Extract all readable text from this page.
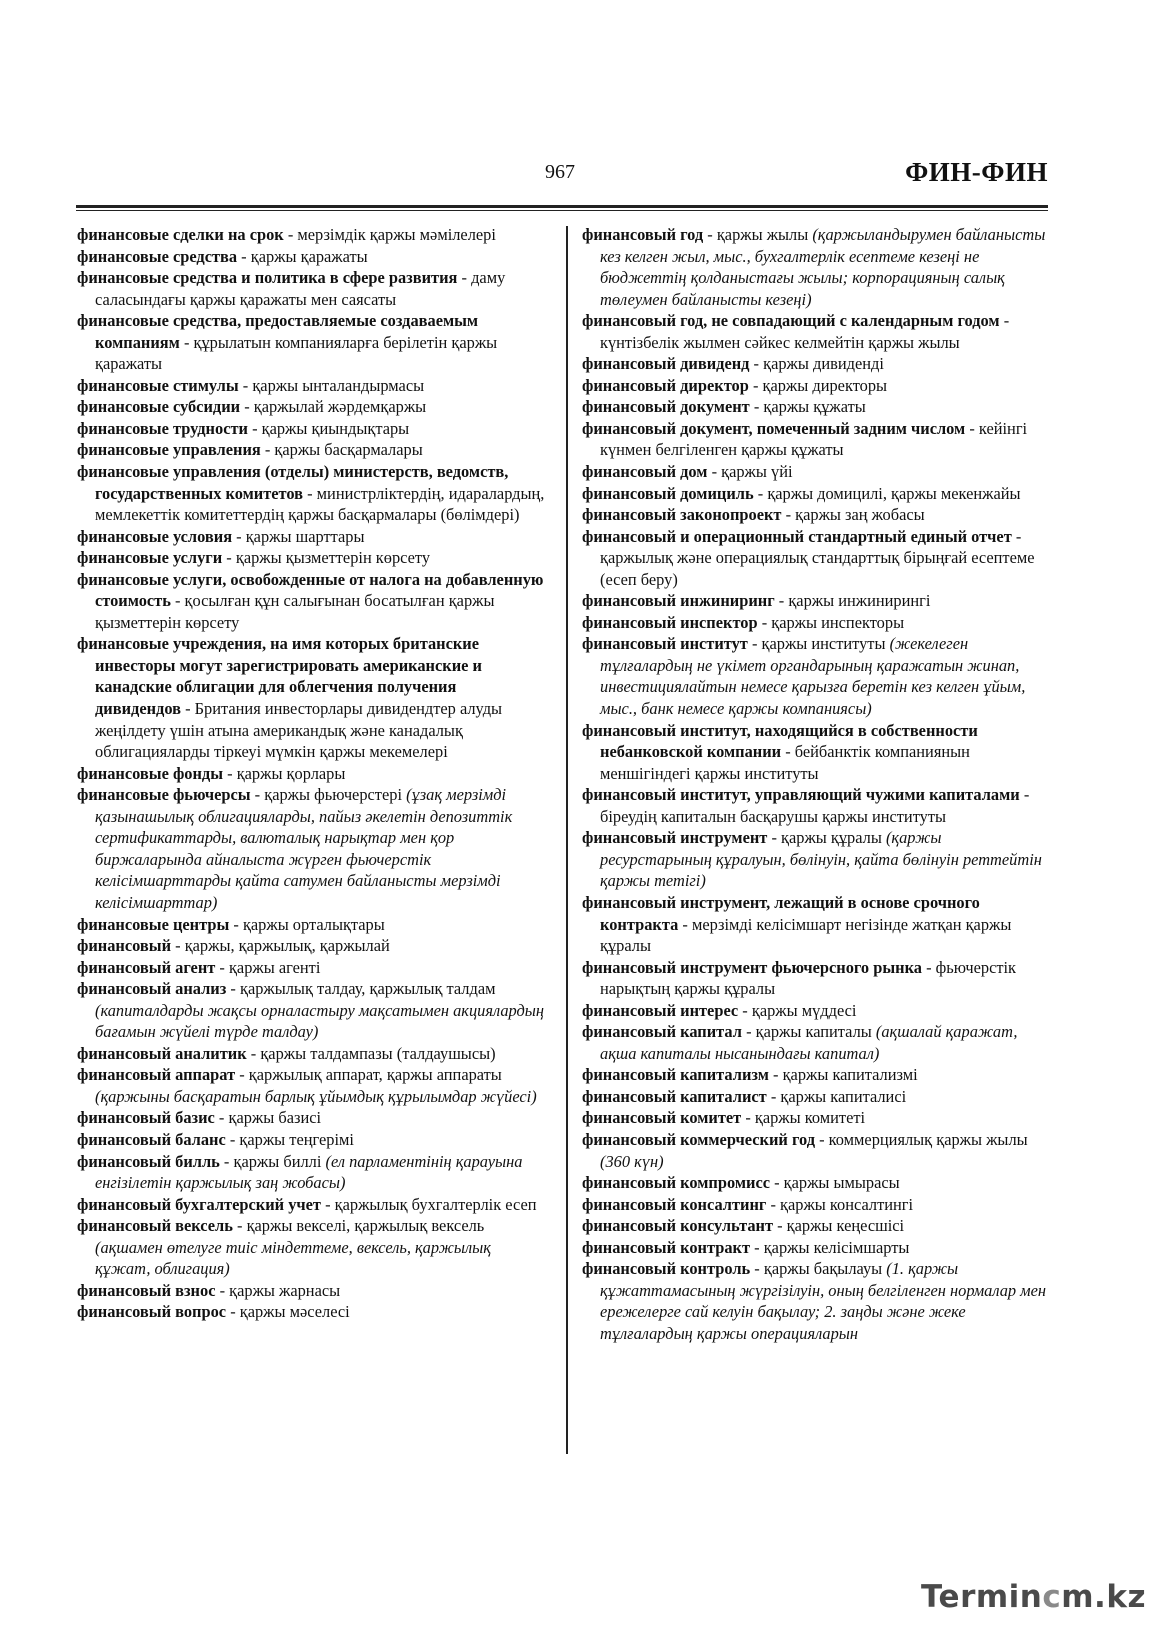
967	ФИН-ФИН

финансовые сделки на срок - мерзімдік қаржы мәмілелері

финансовые средства - қаржы қаражаты

финансовые средства и политика в сфере развития - даму саласындағы қаржы қаражаты мен саясаты

финансовые средства, предоставляемые создаваемым компаниям - құрылатын компанияларға берілетін қаржы қаражаты

финансовые стимулы - қаржы ынталандырмасы

финансовые субсидии - қаржылай жәрдемқаржы

финансовые трудности - қаржы қиындықтары

финансовые управления - қаржы басқармалары

финансовые управления (отделы) министерств, ведомств, государственных комитетов - министрліктердің, идаралардың, мемлекеттік комитеттердің қаржы басқармалары (бөлімдері)

финансовые условия - қаржы шарттары

финансовые услуги - қаржы қызметтерін көрсету

финансовые услуги, освобожденные от налога на добавленную стоимость - қосылған құн салығынан босатылған қаржы қызметтерін көрсету

финансовые учреждения, на имя которых британские инвесторы могут зарегистрировать американские и канадские облигации для облегчения получения дивидендов - Британия инвесторлары дивидендтер алуды жеңілдету үшін атына американдық және канадалық облигацияларды тіркеуі мүмкін қаржы мекемелері

финансовые фонды - қаржы қорлары

финансовые фьючерсы - қаржы фьючерстері (ұзақ мерзімді қазынашылық облигацияларды, пайыз әкелетін депозиттік сертификаттарды, валюталық нарықтар мен қор биржаларында айналыста жүрген фьючерстік келісімшарттарды қайта сатумен байланысты мерзімді келісімшарттар)

финансовые центры - қаржы орталықтары

финансовый - қаржы, қаржылық, қаржылай

финансовый агент - қаржы агенті

финансовый анализ - қаржылық талдау, қаржылық талдам (капиталдарды жақсы орналастыру мақсатымен акциялардың бағамын жүйелі түрде талдау)

финансовый аналитик - қаржы талдампазы (талдаушысы)

финансовый аппарат - қаржылық аппарат, қаржы аппараты (қаржыны басқаратын барлық ұйымдық құрылымдар жүйесі)

финансовый базис - қаржы базисі

финансовый баланс - қаржы теңгерімі

финансовый билль - қаржы биллі (ел парламентінің қарауына енгізілетін қаржылық заң жобасы)

финансовый бухгалтерский учет - қаржылық бухгалтерлік есеп

финансовый вексель - қаржы вексeлі, қаржылық вексель (ақшамен өтелуге тиіс міндеттеме, вексель, қаржылық құжат, облигация)

финансовый взнос - қаржы жарнасы

финансовый вопрос - қаржы мәселесі

финансовый год - қаржы жылы (қаржыландырумен байланысты кез келген жыл, мыс., бухгалтерлік есептеме кезеңі не бюджеттің қолданыстағы жылы; корпорацияның салық төлеумен байланысты кезеңі)

финансовый год, не совпадающий с календарным годом - күнтізбелік жылмен сәйкес келмейтін қаржы жылы

финансовый дивиденд - қаржы дивиденді

финансовый директор - қаржы директоры

финансовый документ - қаржы құжаты

финансовый документ, помеченный задним числом - кейінгі күнмен белгіленген қаржы құжаты

финансовый дом - қаржы үйі

финансовый домициль - қаржы домицилі, қаржы мекенжайы

финансовый законопроект - қаржы заң жобасы

финансовый и операционный стандартный единый отчет - қаржылық және операциялық стандарттық бірыңғай есептеме (есеп беру)

финансовый инжиниринг - қаржы инжинирингі

финансовый инспектор - қаржы инспекторы

финансовый институт - қаржы институты (жекелеген тұлғалардың не үкімет органдарының қаражатын жинап, инвестициялайтын немесе қарызға беретін кез келген ұйым, мыс., банк немесе қаржы компаниясы)

финансовый институт, находящийся в собственности небанковской компании - бейбанктік компаниянын меншігіндегі қаржы институты

финансовый институт, управляющий чужими капиталами - біреудің капиталын басқарушы қаржы институты

финансовый инструмент - қаржы құралы (қаржы ресурстарының құралуын, бөлінуін, қайта бөлінуін реттейтін қаржы тетігі)

финансовый инструмент, лежащий в основе срочного контракта - мерзімді келісімшарт негізінде жатқан қаржы құралы

финансовый инструмент фьючерсного рынка - фьючерстік нарықтың қаржы құралы

финансовый интерес - қаржы мүддесі

финансовый капитал - қаржы капиталы (ақшалай қаражат, ақша капиталы нысанындағы капитал)

финансовый капитализм - қаржы капитализмі

финансовый капиталист - қаржы капиталисі

финансовый комитет - қаржы комитеті

финансовый коммерческий год - коммерциялық қаржы жылы (360 күн)

финансовый компромисс - қаржы ымырасы

финансовый консалтинг - қаржы консалтингі

финансовый консультант - қаржы кеңесшісі

финансовый контракт - қаржы келісімшарты

финансовый контроль - қаржы бақылауы (1. қаржы құжаттамасының жүргізілуін, оның белгіленген нормалар мен ережелерге сай келуін бақылау; 2. заңды және жеке тұлғалардың қаржы операцияларын

Termincm.kz
